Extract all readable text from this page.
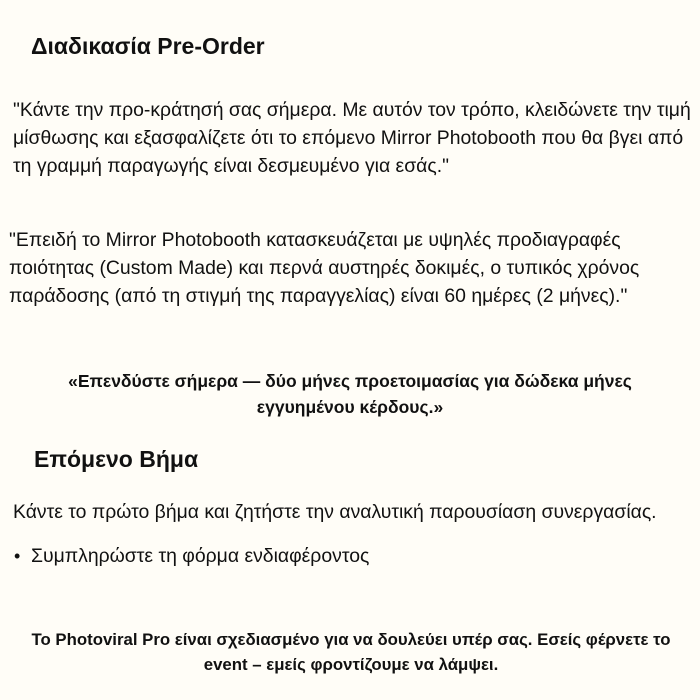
Διαδικασία Pre-Order

"Κάντε την προ-κράτησή σας σήμερα. Με αυτόν τον τρόπο, κλειδώνετε την τιμή μίσθωσης και εξασφαλίζετε ότι το επόμενο Mirror Photobooth που θα βγει από τη γραμμή παραγωγής είναι δεσμευμένο για εσάς."

"Επειδή το Mirror Photobooth κατασκευάζεται με υψηλές προδιαγραφές ποιότητας (Custom Made) και περνά αυστηρές δοκιμές, ο τυπικός χρόνος παράδοσης (από τη στιγμή της παραγγελίας) είναι 60 ημέρες (2 μήνες)."

«Επενδύστε σήμερα — δύο μήνες προετοιμασίας για δώδεκα μήνες εγγυημένου κέρδους.»

Επόμενο Βήμα

Κάντε το πρώτο βήμα και ζητήστε την αναλυτική παρουσίαση συνεργασίας.

• Συμπληρώστε τη φόρμα ενδιαφέροντος

Το Photoviral Pro είναι σχεδιασμένο για να δουλεύει υπέρ σας. Εσείς φέρνετε το event – εμείς φροντίζουμε να λάμψει.
